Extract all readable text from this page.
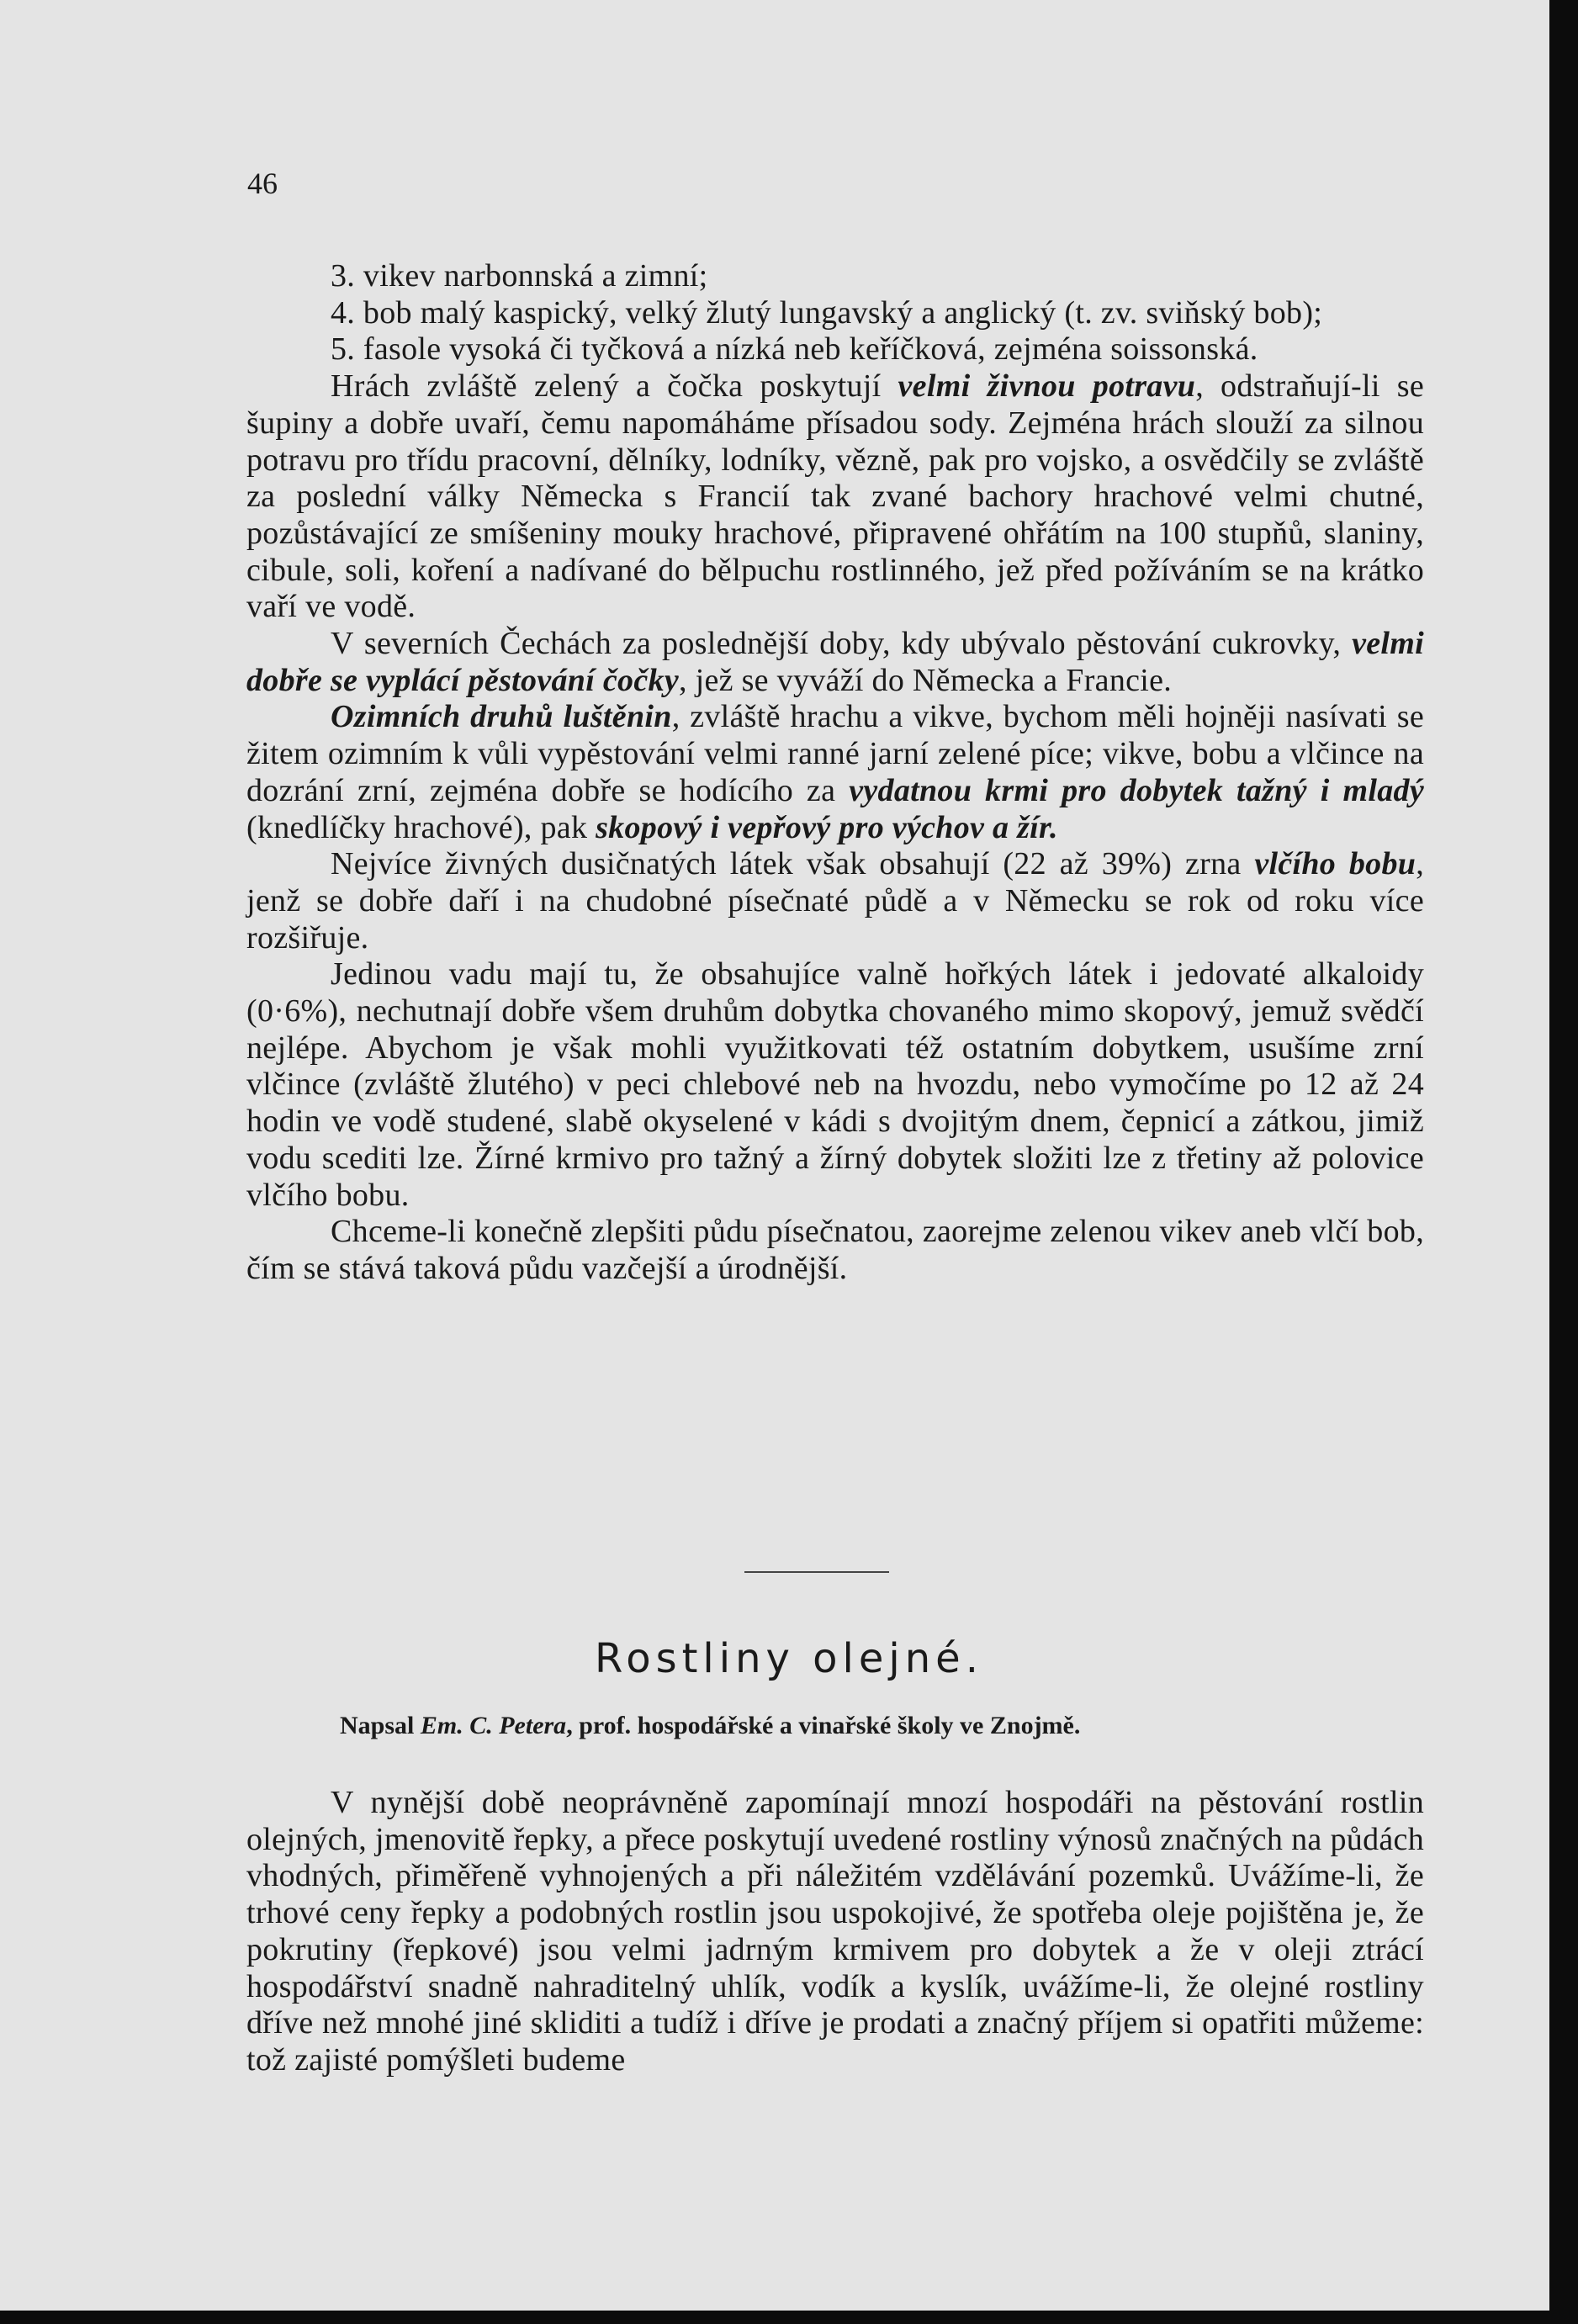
46

3. vikev narbonnská a zimní;

4. bob malý kaspický, velký žlutý lungavský a anglický (t. zv. sviňský bob);

5. fasole vysoká či tyčková a nízká neb keříčková, zejména soissonská.

Hrách zvláště zelený a čočka poskytují velmi živnou potravu, odstraňují-li se šupiny a dobře uvaří, čemu napomáháme přísadou sody. Zejména hrách slouží za silnou potravu pro třídu pracovní, dělníky, lodníky, vězně, pak pro vojsko, a osvědčily se zvláště za poslední války Německa s Francií tak zvané bachory hrachové velmi chutné, pozůstávající ze smíšeniny mouky hrachové, připravené ohřátím na 100 stupňů, slaniny, cibule, soli, koření a nadívané do bělpuchu rostlinného, jež před požíváním se na krátko vaří ve vodě.

V severních Čechách za poslednější doby, kdy ubývalo pěstování cukrovky, velmi dobře se vyplácí pěstování čočky, jež se vyváží do Německa a Francie.

Ozimních druhů luštěnin, zvláště hrachu a vikve, bychom měli hojněji nasívati se žitem ozimním k vůli vypěstování velmi ranné jarní zelené píce; vikve, bobu a vlčince na dozrání zrní, zejména dobře se hodícího za vydatnou krmi pro dobytek tažný i mladý (knedlíčky hrachové), pak skopový i vepřový pro výchov a žír.

Nejvíce živných dusičnatých látek však obsahují (22 až 39%) zrna vlčího bobu, jenž se dobře daří i na chudobné písečnaté půdě a v Německu se rok od roku více rozšiřuje.

Jedinou vadu mají tu, že obsahujíce valně hořkých látek i jedovaté alkaloidy (0·6%), nechutnají dobře všem druhům dobytka chovaného mimo skopový, jemuž svědčí nejlépe. Abychom je však mohli využitkovati též ostatním dobytkem, usušíme zrní vlčince (zvláště žlutého) v peci chlebové neb na hvozdu, nebo vymočíme po 12 až 24 hodin ve vodě studené, slabě okyselené v kádi s dvojitým dnem, čepnicí a zátkou, jimiž vodu scediti lze. Žírné krmivo pro tažný a žírný dobytek složiti lze z třetiny až polovice vlčího bobu.

Chceme-li konečně zlepšiti půdu písečnatou, zaorejme zelenou vikev aneb vlčí bob, čím se stává taková půdu vazčejší a úrodnější.

Rostliny olejné.
Napsal Em. C. Petera, prof. hospodářské a vinařské školy ve Znojmě.

V nynější době neoprávněně zapomínají mnozí hospodáři na pěstování rostlin olejných, jmenovitě řepky, a přece poskytují uvedené rostliny výnosů značných na půdách vhodných, přiměřeně vyhnojených a při náležitém vzdělávání pozemků. Uvážíme-li, že trhové ceny řepky a podobných rostlin jsou uspokojivé, že spotřeba oleje pojištěna je, že pokrutiny (řepkové) jsou velmi jadrným krmivem pro dobytek a že v oleji ztrácí hospodářství snadně nahraditelný uhlík, vodík a kyslík, uvážíme-li, že olejné rostliny dříve než mnohé jiné skliditi a tudíž i dříve je prodati a značný příjem si opatřiti můžeme: tož zajisté pomýšleti budeme
